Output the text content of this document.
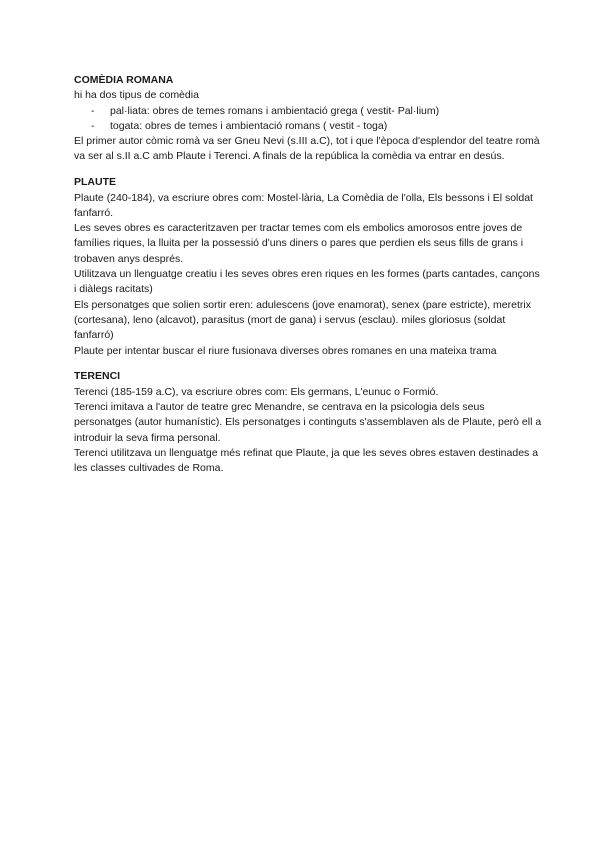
COMÈDIA ROMANA

hi ha dos tipus de comèdia

- pal·liata: obres de temes romans i ambientació grega ( vestit- Pal·lium)
- togata: obres de temes i ambientació romans ( vestit - toga)

El primer autor còmic romà va ser Gneu Nevi (s.III a.C), tot i que l'època d'esplendor del teatre romà va ser al s.II a.C amb Plaute i Terenci. A finals de la república la comèdia va entrar en desús.

PLAUTE

Plaute (240-184), va escriure obres com: Mostel·lària, La Comèdia de l'olla, Els bessons i El soldat fanfarró.

Les seves obres es caracteritzaven per tractar temes com els embolics amorosos entre joves de famílies riques, la lluita per la possessió d'uns diners o pares que perdien els seus fills de grans i trobaven anys després.

Utilitzava un llenguatge creatiu i les seves obres eren riques en les formes (parts cantades, cançons i diàlegs racitats)

Els personatges que solien sortir eren: adulescens (jove enamorat), senex (pare estricte), meretrix (cortesana), leno (alcavot), parasitus (mort de gana) i servus (esclau). miles gloriosus (soldat fanfarró)

Plaute per intentar buscar el riure fusionava diverses obres romanes en una mateixa trama

TERENCI

Terenci (185-159 a.C), va escriure obres com: Els germans, L'eunuc o Formió.

Terenci imitava a l'autor de teatre grec Menandre, se centrava en la psicologia dels seus personatges (autor humanístic). Els personatges i continguts s'assemblaven als de Plaute, però ell a introduir la seva firma personal.

Terenci utilitzava un llenguatge més refinat que Plaute, ja que les seves obres estaven destinades a les classes cultivades de Roma.
